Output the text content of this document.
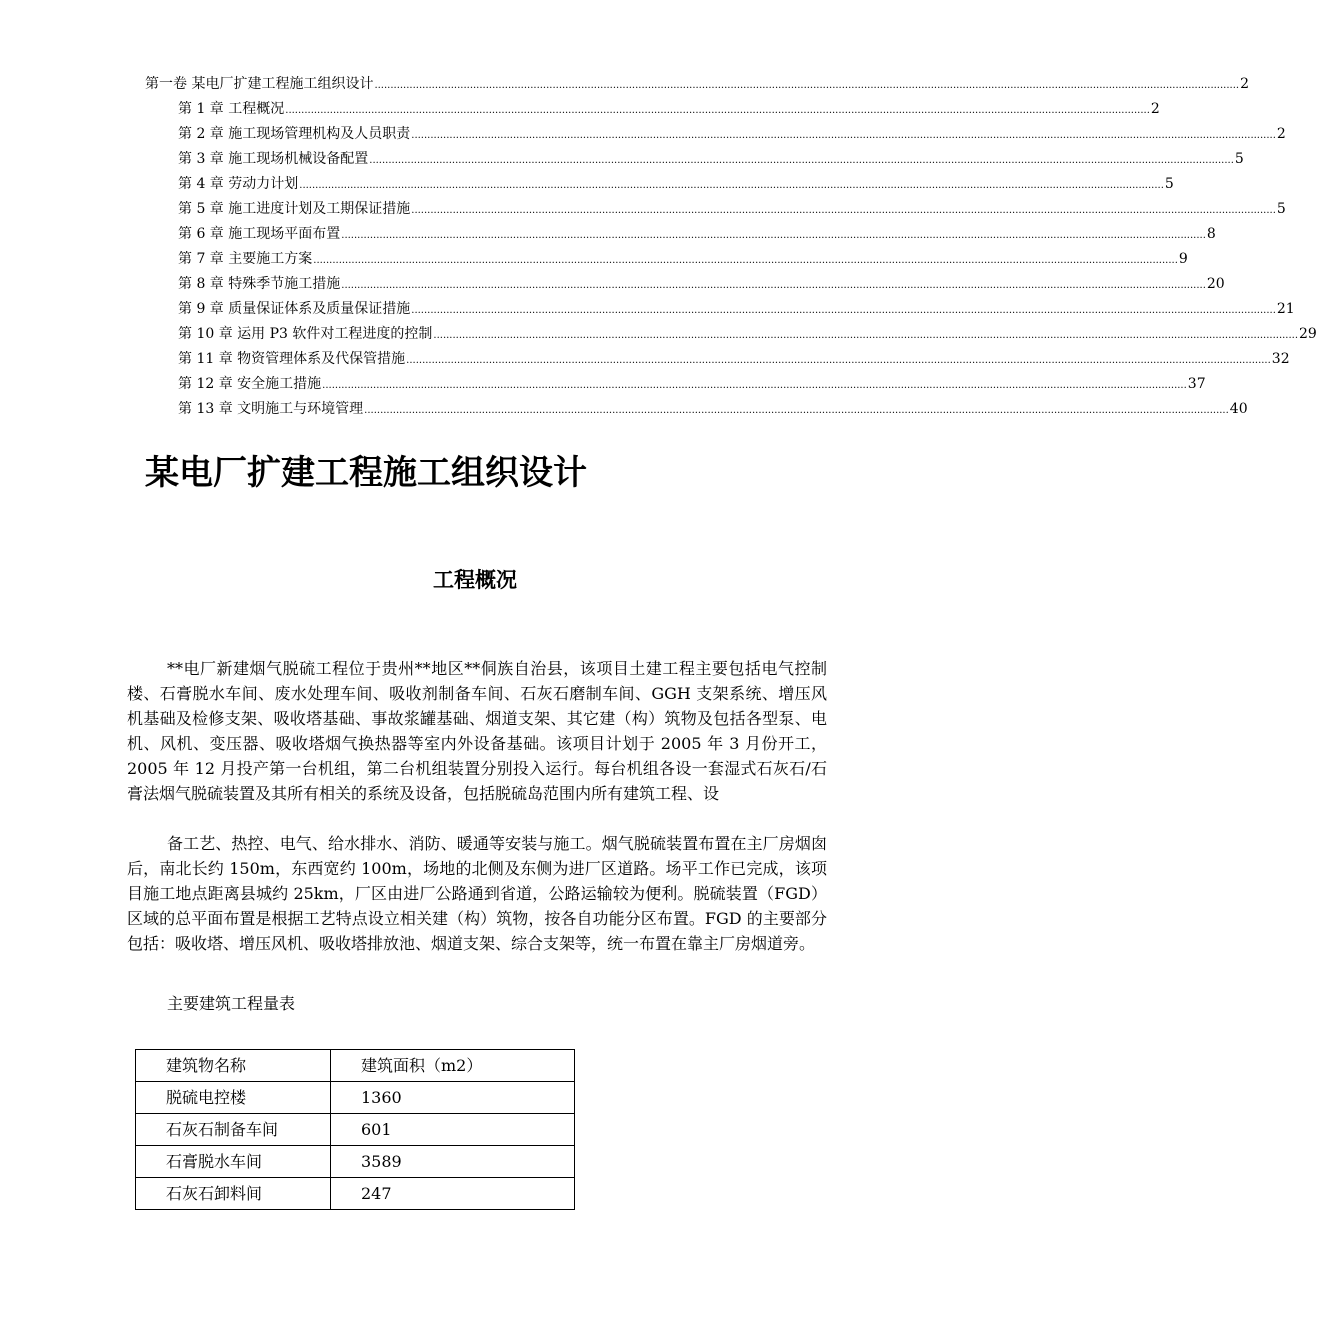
第一卷 某电厂扩建工程施工组织设计 ................................................................................................................................................................................................................................................................................ 2
第 1 章 工程概况 ................................................................................................................................................................................................................................................................................ 2
第 2 章 施工现场管理机构及人员职责 ................................................................................................................................................................................................................................................................................ 2
第 3 章 施工现场机械设备配置 ................................................................................................................................................................................................................................................................................ 5
第 4 章 劳动力计划 ................................................................................................................................................................................................................................................................................ 5
第 5 章 施工进度计划及工期保证措施 ................................................................................................................................................................................................................................................................................ 5
第 6 章 施工现场平面布置 ................................................................................................................................................................................................................................................................................ 8
第 7 章 主要施工方案 ................................................................................................................................................................................................................................................................................ 9
第 8 章 特殊季节施工措施 ................................................................................................................................................................................................................................................................................ 20
第 9 章 质量保证体系及质量保证措施 ................................................................................................................................................................................................................................................................................ 21
第 10 章 运用 P3 软件对工程进度的控制 ................................................................................................................................................................................................................................................................................ 29
第 11 章 物资管理体系及代保管措施 ................................................................................................................................................................................................................................................................................ 32
第 12 章 安全施工措施 ................................................................................................................................................................................................................................................................................ 37
第 13 章 文明施工与环境管理 ................................................................................................................................................................................................................................................................................ 40
某电厂扩建工程施工组织设计
工程概况

**电厂新建烟气脱硫工程位于贵州**地区**侗族自治县，该项目土建工程主要包括电气控制楼、石膏脱水车间、废水处理车间、吸收剂制备车间、石灰石磨制车间、GGH 支架系统、增压风机基础及检修支架、吸收塔基础、事故浆罐基础、烟道支架、其它建（构）筑物及包括各型泵、电机、风机、变压器、吸收塔烟气换热器等室内外设备基础。该项目计划于 2005 年 3 月份开工，2005 年 12 月投产第一台机组，第二台机组装置分别投入运行。每台机组各设一套湿式石灰石/石膏法烟气脱硫装置及其所有相关的系统及设备，包括脱硫岛范围内所有建筑工程、设

备工艺、热控、电气、给水排水、消防、暖通等安装与施工。烟气脱硫装置布置在主厂房烟囱后，南北长约 150m，东西宽约 100m，场地的北侧及东侧为进厂区道路。场平工作已完成，该项目施工地点距离县城约 25km，厂区由进厂公路通到省道，公路运输较为便利。脱硫装置（FGD）区域的总平面布置是根据工艺特点设立相关建（构）筑物，按各自功能分区布置。FGD 的主要部分包括：吸收塔、增压风机、吸收塔排放池、烟道支架、综合支架等，统一布置在靠主厂房烟道旁。

主要建筑工程量表
建筑物名称	建筑面积（m2）
脱硫电控楼	1360
石灰石制备车间	601
石膏脱水车间	3589
石灰石卸料间	247
